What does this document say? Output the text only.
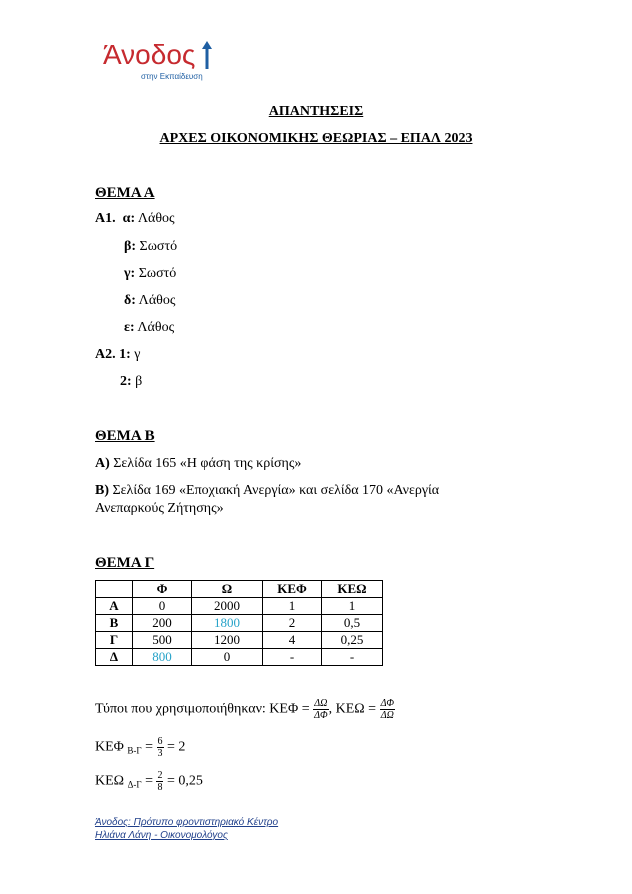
Άνοδος
στην Εκπαίδευση
ΑΠΑΝΤΗΣΕΙΣ
ΑΡΧΕΣ ΟΙΚΟΝΟΜΙΚΗΣ ΘΕΩΡΙΑΣ – ΕΠΑΛ 2023
ΘΕΜΑ Α
Α1. α: Λάθος
β: Σωστό
γ: Σωστό
δ: Λάθος
ε: Λάθος
Α2. 1: γ
2: β
ΘΕΜΑ Β
Α) Σελίδα 165 «Η φάση της κρίσης»
Β) Σελίδα 169 «Εποχιακή Ανεργία» και σελίδα 170 «Ανεργία
Ανεπαρκούς Ζήτησης»
ΘΕΜΑ Γ
	Φ	Ω	ΚΕΦ	ΚΕΩ
Α	0	2000	1	1
Β	200	1800	2	0,5
Γ	500	1200	4	0,25
Δ	800	0	-	-
Τύποι που χρησιμοποιήθηκαν: $KE\Phi = \frac{\Delta\Omega}{\Delta\Phi}$ , $KE\Omega = \frac{\Delta\Phi}{\Delta\Omega}$
ΚΕΦ $_{B-\Gamma} = \frac{6}{3} = 2$
ΚΕΩ $_{\Delta-\Gamma} = \frac{2}{8} = 0,25$
Άνοδος: Πρότυπο φροντιστηριακό Κέντρο
Ηλιάνα Λάνη - Οικονομολόγος
